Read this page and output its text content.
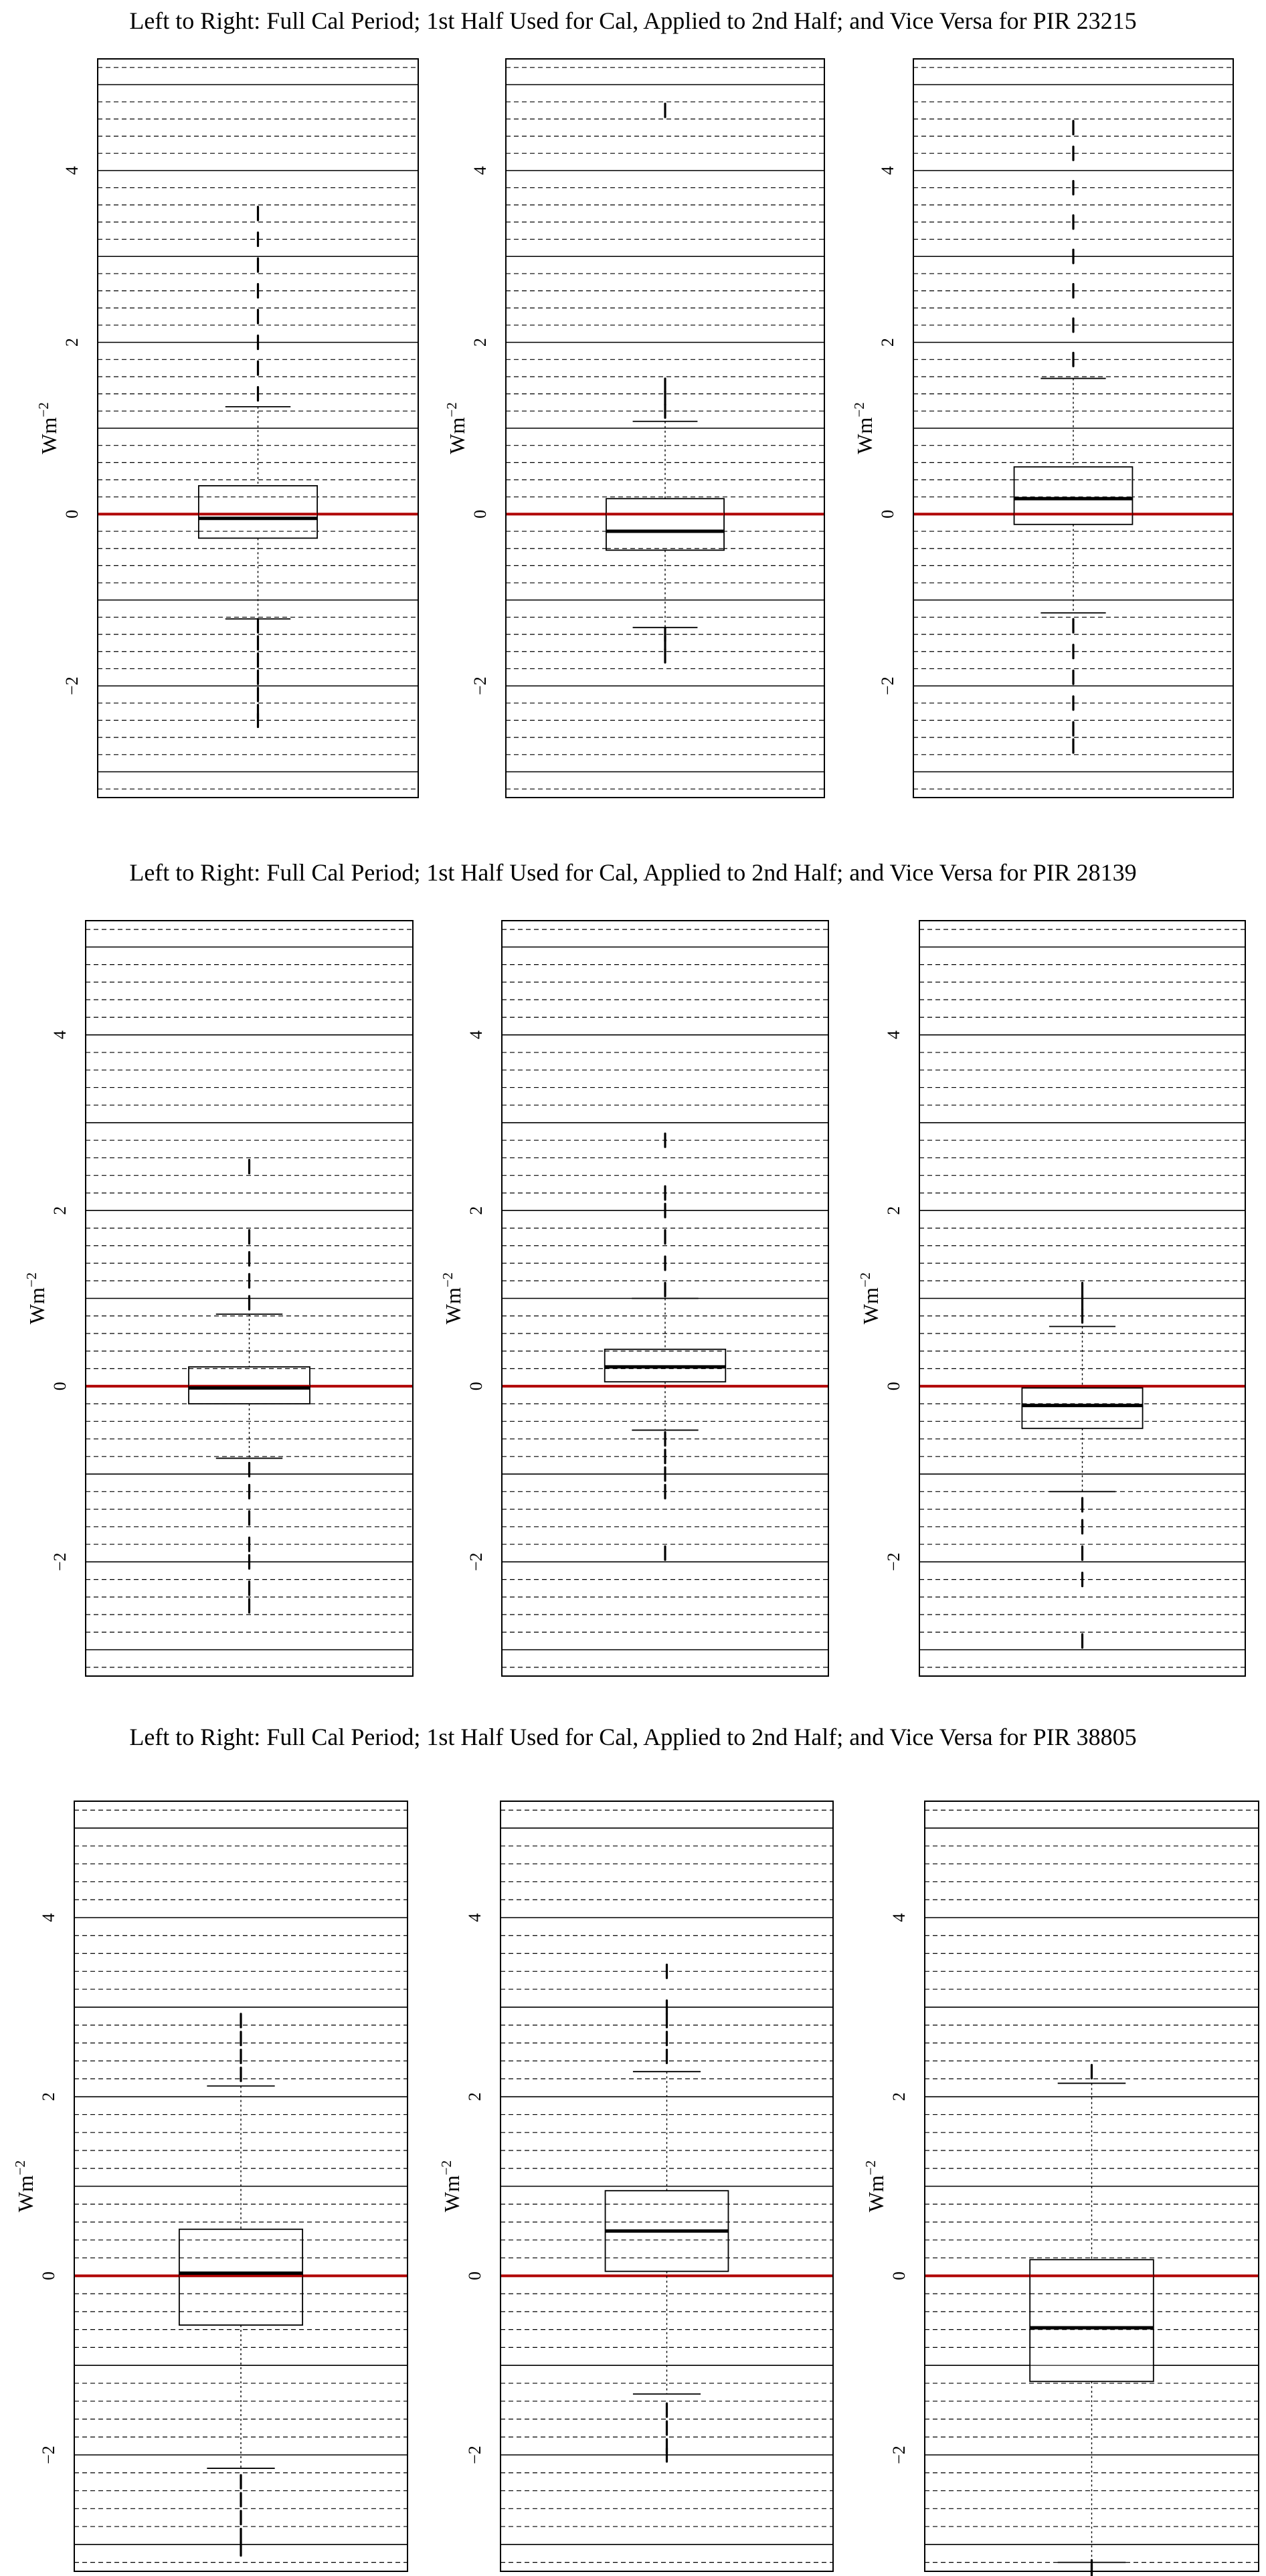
Left to Right: Full Cal Period; 1st Half Used for Cal, Applied to 2nd Half; and Vice Versa for PIR 23215
Left to Right: Full Cal Period; 1st Half Used for Cal, Applied to 2nd Half; and Vice Versa for PIR 28139
Left to Right: Full Cal Period; 1st Half Used for Cal, Applied to 2nd Half; and Vice Versa for PIR 38805
−2
0
2
4
$Wm^{-2}$
−2
0
2
4
$Wm^{-2}$
−2
0
2
4
$Wm^{-2}$
−2
0
2
4
$Wm^{-2}$
−2
0
2
4
$Wm^{-2}$
−2
0
2
4
$Wm^{-2}$
−2
0
2
4
$Wm^{-2}$
−2
0
2
4
$Wm^{-2}$
−2
0
2
4
$Wm^{-2}$
